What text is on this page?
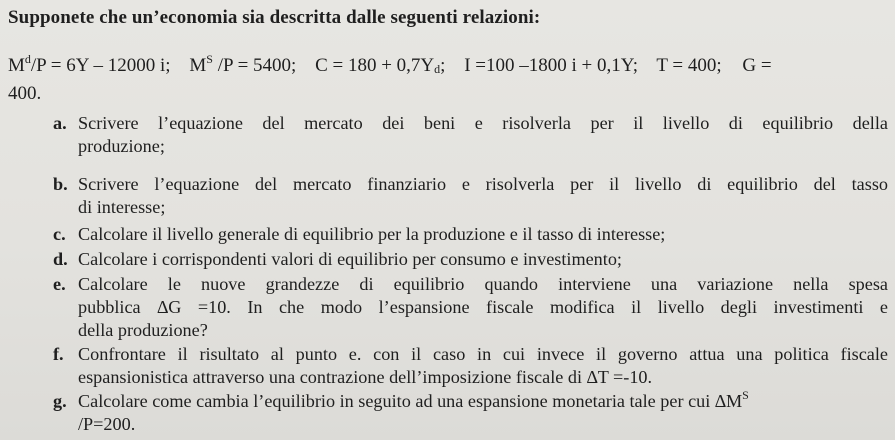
Supponete che un’economia sia descritta dalle seguenti relazioni:
$M^d/P = 6Y - 12000$ i; $M^S$ /P = 5400; $C = 180 + 0,7Y_d$; I =100 –1800 i + 0,1Y; T = 400; G =
400.
a. Scrivere l’equazione del mercato dei beni e risolverla per il livello di equilibrio della
produzione;
b. Scrivere l’equazione del mercato finanziario e risolverla per il livello di equilibrio del tasso
di interesse;
c. Calcolare il livello generale di equilibrio per la produzione e il tasso di interesse;
d. Calcolare i corrispondenti valori di equilibrio per consumo e investimento;
e. Calcolare le nuove grandezze di equilibrio quando interviene una variazione nella spesa
pubblica ∆G =10. In che modo l’espansione fiscale modifica il livello degli investimenti e
della produzione?
f. Confrontare il risultato al punto e. con il caso in cui invece il governo attua una politica fiscale
espansionistica attraverso una contrazione dell’imposizione fiscale di ∆T =-10.
g. Calcolare come cambia l’equilibrio in seguito ad una espansione monetaria tale per cui $\Delta M^S$
/P=200.
